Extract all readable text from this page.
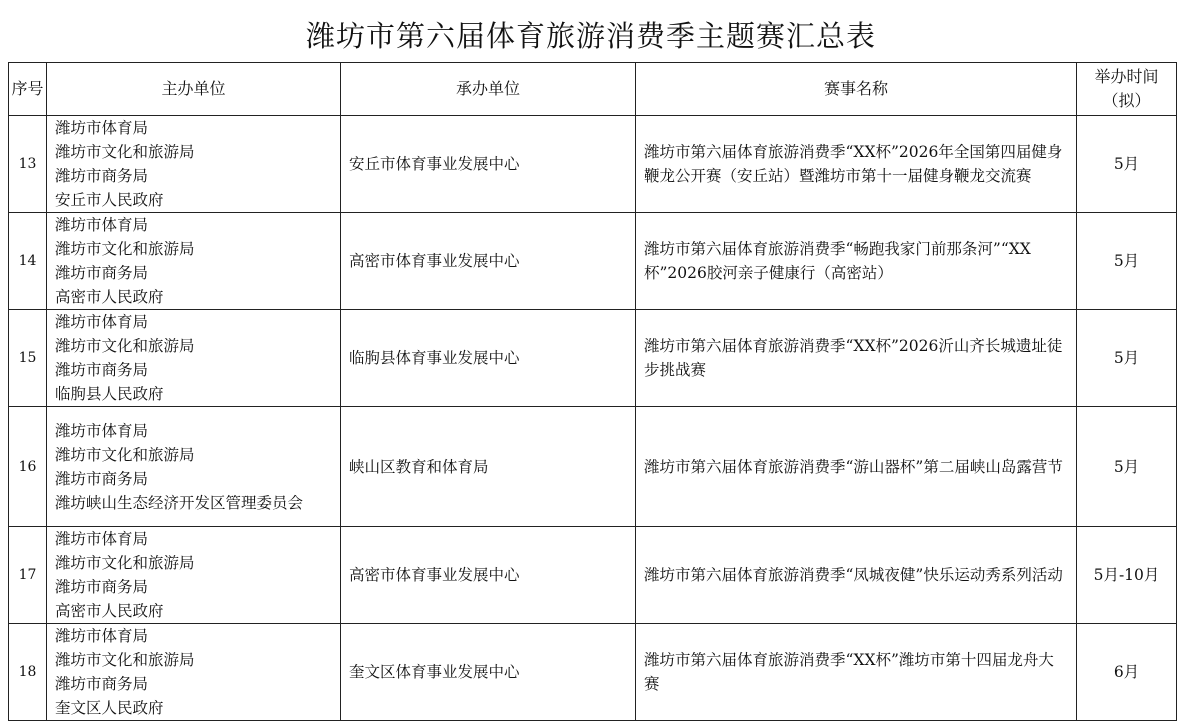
潍坊市第六届体育旅游消费季主题赛汇总表
序号	主办单位	承办单位	赛事名称	举办时间
（拟）

13	潍坊市体育局
潍坊市文化和旅游局
潍坊市商务局
安丘市人民政府	安丘市体育事业发展中心	潍坊市第六届体育旅游消费季“XX杯”2026年全国第四届健身鞭龙公开赛（安丘站）暨潍坊市第十一届健身鞭龙交流赛	5月
14	潍坊市体育局
潍坊市文化和旅游局
潍坊市商务局
高密市人民政府	高密市体育事业发展中心	潍坊市第六届体育旅游消费季“畅跑我家门前那条河”“XX杯”2026胶河亲子健康行（高密站）	5月
15	潍坊市体育局
潍坊市文化和旅游局
潍坊市商务局
临朐县人民政府	临朐县体育事业发展中心	潍坊市第六届体育旅游消费季“XX杯”2026沂山齐长城遗址徒步挑战赛	5月
16	潍坊市体育局
潍坊市文化和旅游局
潍坊市商务局
潍坊峡山生态经济开发区管理委员会	峡山区教育和体育局	潍坊市第六届体育旅游消费季“游山器杯”第二届峡山岛露营节	5月
17	潍坊市体育局
潍坊市文化和旅游局
潍坊市商务局
高密市人民政府	高密市体育事业发展中心	潍坊市第六届体育旅游消费季“凤城夜健”快乐运动秀系列活动	5月-10月
18	潍坊市体育局
潍坊市文化和旅游局
潍坊市商务局
奎文区人民政府	奎文区体育事业发展中心	潍坊市第六届体育旅游消费季“XX杯”潍坊市第十四届龙舟大赛	6月
